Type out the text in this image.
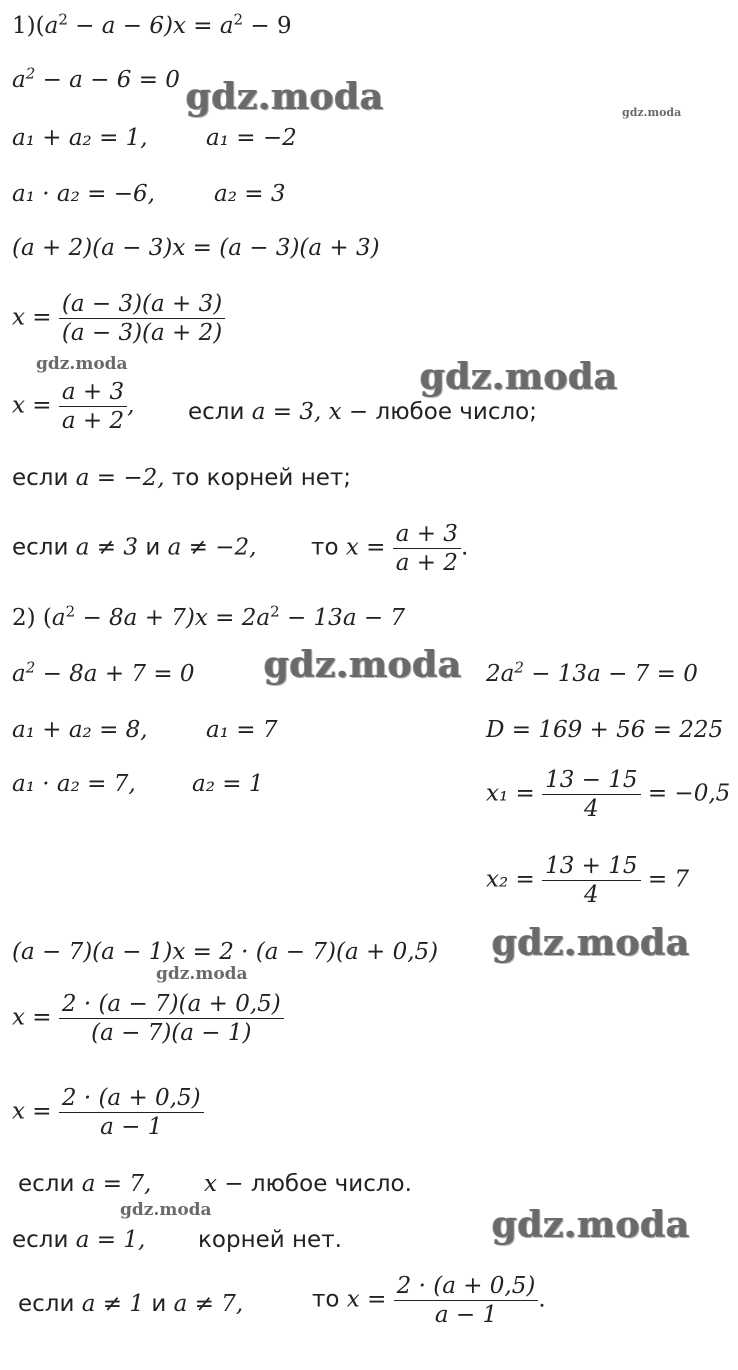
$1)(a^2 - a - 6)x = a^2 - 9$
$a^2 - a - 6 = 0$
a₁ + a₂ = 1,	a₁ = −2
a₁ · a₂ = −6,	a₂ = 3
(a + 2)(a − 3)x = (a − 3)(a + 3)
$x = \frac{(a - 3)(a + 3)}{(a - 3)(a + 2)}$
$x = \frac{a + 3}{a + 2}$ , если a = 3, x − любое число;
если a = −2, то корней нет;
если a ≠ 3 и a ≠ −2, то $x = \frac{a + 3}{a + 2}$ .
2) $(a^2 - 8a + 7)x = 2a^2 - 13a - 7$
$a^2 - 8a + 7 = 0$	$2a^2 - 13a - 7 = 0$
a₁ + a₂ = 8,	a₁ = 7	D = 169 + 56 = 225
a₁ · a₂ = 7, a₂ = 1	$x_1 = \frac{13 - 15}{4} = -0,5$
$x_2 = \frac{13 + 15}{4} = 7$
(a − 7)(a − 1)x = 2 · (a − 7)(a + 0,5)
$x = \frac{2 \cdot (a - 7)(a + 0,5)}{(a - 7)(a - 1)}$
$x = \frac{2 \cdot (a + 0,5)}{a - 1}$
если a = 7, x − любое число.
если a = 1, корней нет.
если a ≠ 1 и a ≠ 7,	то $x = \frac{2 \cdot (a + 0,5)}{a - 1}$ .
gdz.moda	gdz.moda
gdz.moda	gdz.moda
gdz.moda
gdz.moda
gdz.moda
gdz.moda	gdz.moda
